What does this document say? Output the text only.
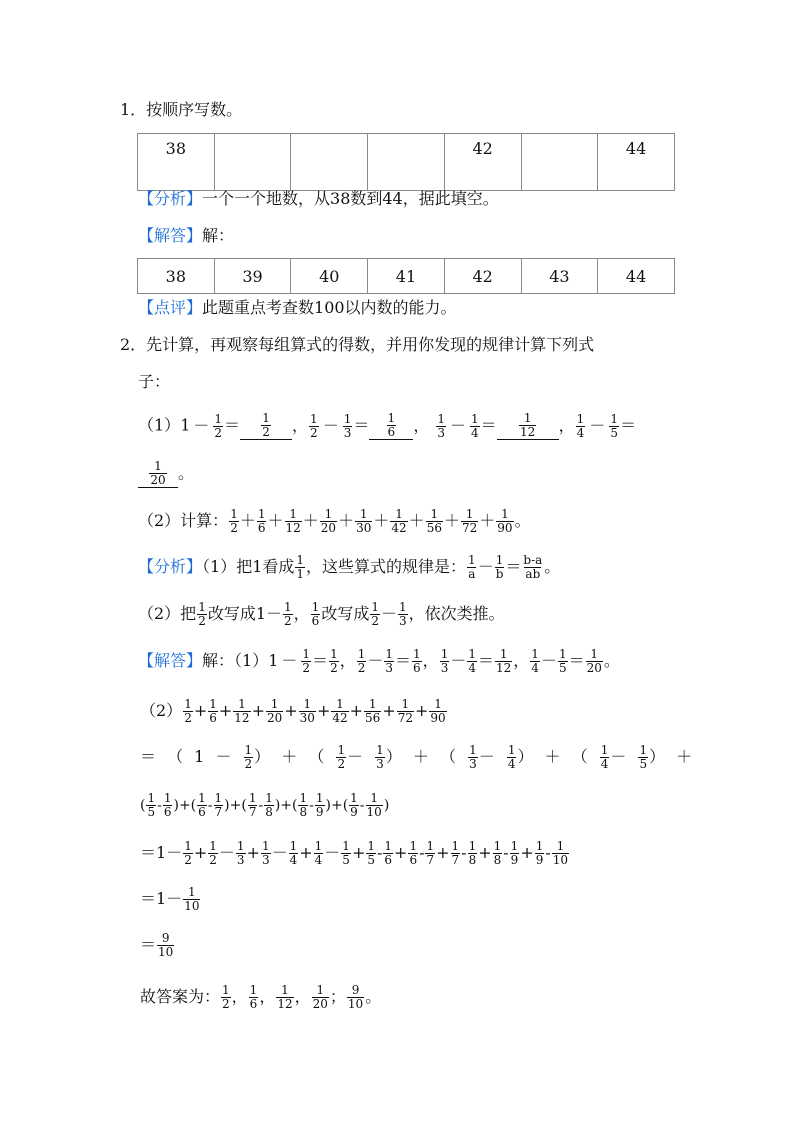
1．按顺序写数。
38				42		44
【分析】一个一个地数，从38数到44，据此填空。
【解答】解：
38	39	40	41	42	43	44
【点评】此题重点考查数100以内数的能力。
2．先计算，再观察每组算式的得数，并用你发现的规律计算下列式
子：
$(1)1 - \frac{1}{2} = \frac{1}{2}$ ， $\frac{1}{2} - \frac{1}{3} = \frac{1}{6}$ ， $\frac{1}{3} - \frac{1}{4} = \frac{1}{12}$ ， $\frac{1}{4} - \frac{1}{5}$ ＝
$\frac{1}{20}$ 。
（2）计算： $\frac{1}{2} + \frac{1}{6} + \frac{1}{12} + \frac{1}{20} + \frac{1}{30} + \frac{1}{42} + \frac{1}{56} + \frac{1}{72} + \frac{1}{90}$ 。
【分析】（1）把1看成 $\frac{1}{1}$ ，这些算式的规律是： $\frac{1}{a} - \frac{1}{b} = \frac{b-a}{ab}$ 。
（2）把 $\frac{1}{2}$ 改写成$1- \frac{1}{2}$ ， $\frac{1}{6}$ 改写成 $\frac{1}{2} - \frac{1}{3}$ ，依次类推。
【解答】解：$(1)1 - \frac{1}{2} = \frac{1}{2}$ ， $\frac{1}{2} - \frac{1}{3} = \frac{1}{6}$ ， $\frac{1}{3} - \frac{1}{4} = \frac{1}{12}$ ， $\frac{1}{4} - \frac{1}{5} = \frac{1}{20}$ 。
$(2) \frac{1}{2} + \frac{1}{6} + \frac{1}{12} + \frac{1}{20} + \frac{1}{30} + \frac{1}{42} + \frac{1}{56} + \frac{1}{72} + \frac{1}{90}$
＝ （ $1 - \frac{1}{2}$ ） ＋ （ $\frac{1}{2} - \frac{1}{3}$ ） ＋ （ $\frac{1}{3} - \frac{1}{4}$ ） ＋ （ $\frac{1}{4} - \frac{1}{5}$ ） ＋
( $\frac{1}{5} - \frac{1}{6}$ )+( $\frac{1}{6} - \frac{1}{7}$ )+( $\frac{1}{7} - \frac{1}{8}$ )+( $\frac{1}{8} - \frac{1}{9}$ )+( $\frac{1}{9} - \frac{1}{10}$ )
$=1- \frac{1}{2} + \frac{1}{2} - \frac{1}{3} + \frac{1}{3} - \frac{1}{4} + \frac{1}{4} - \frac{1}{5} + \frac{1}{5} - \frac{1}{6} + \frac{1}{6} - \frac{1}{7} + \frac{1}{7} - \frac{1}{8} + \frac{1}{8} - \frac{1}{9} + \frac{1}{9} - \frac{1}{10}$
$=1- \frac{1}{10}$
＝ $\frac{9}{10}$
故答案为： $\frac{1}{2}$ ， $\frac{1}{6}$ ， $\frac{1}{12}$ ， $\frac{1}{20}$ ； $\frac{9}{10}$ 。
